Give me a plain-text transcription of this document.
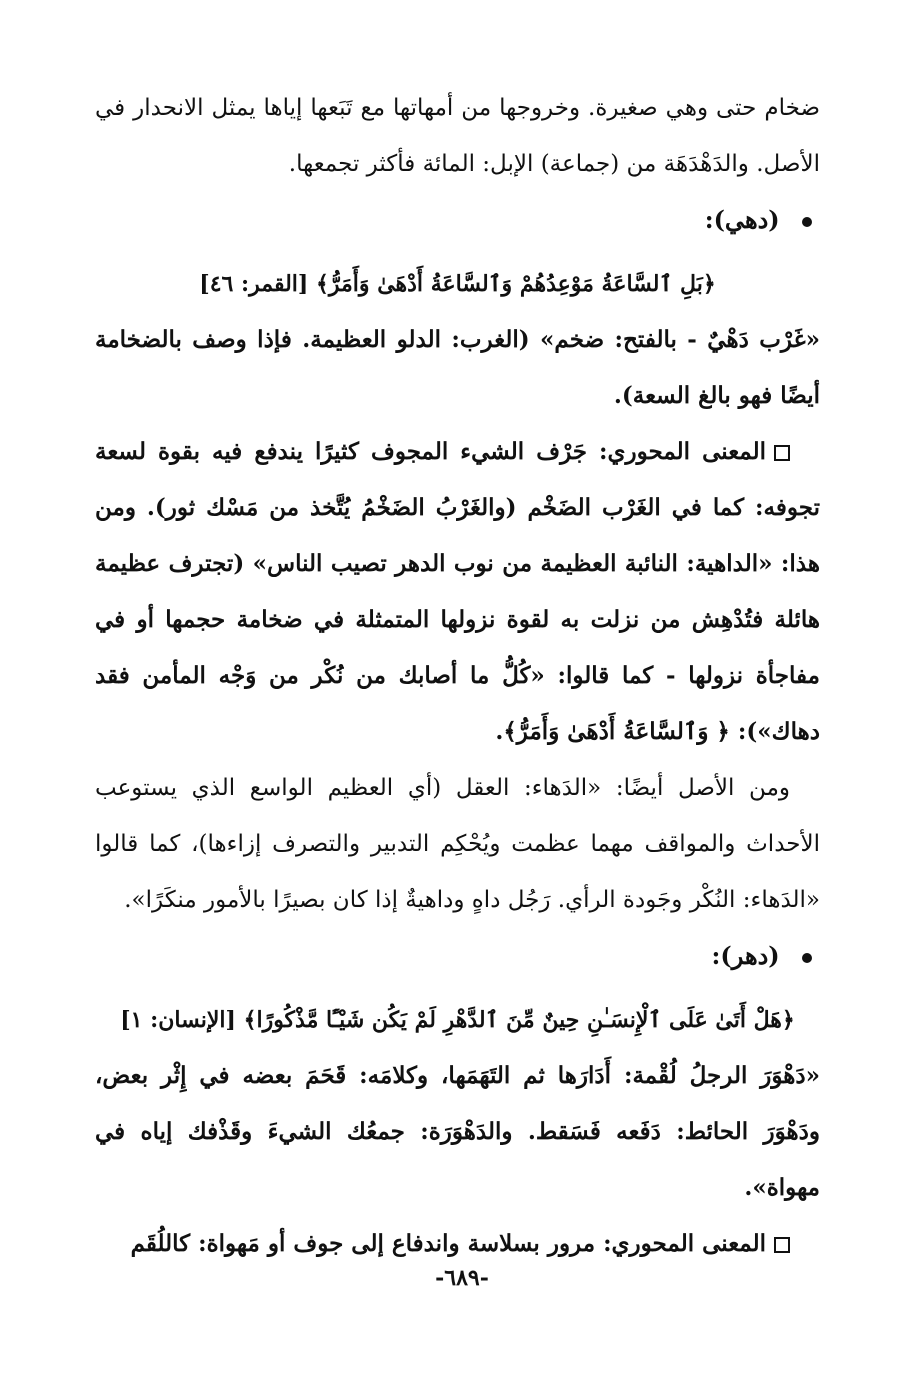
ضخام حتى وهي صغيرة. وخروجها من أمهاتها مع تَبَعها إياها يمثل الانحدار في الأصل. والدَهْدَهَة من (جماعة) الإبل: المائة فأكثر تجمعها.

(دهي):

﴿بَلِ ٱلسَّاعَةُ مَوْعِدُهُمْ وَٱلسَّاعَةُ أَدْهَىٰ وَأَمَرُّ﴾ [القمر: ٤٦]

«غَرْب دَهْيٌ - بالفتح: ضخم» (الغرب: الدلو العظيمة. فإذا وصف بالضخامة أيضًا فهو بالغ السعة).

المعنى المحوري: جَرْف الشيء المجوف كثيرًا يندفع فيه بقوة لسعة تجوفه: كما في الغَرْب الضَخْم (والغَرْبُ الضَخْمُ يُتَّخذ من مَسْك ثور). ومن هذا: «الداهية: النائبة العظيمة من نوب الدهر تصيب الناس» (تجترف عظيمة هائلة فتُدْهِش من نزلت به لقوة نزولها المتمثلة في ضخامة حجمها أو في مفاجأة نزولها - كما قالوا: «كُلُّ ما أصابك من نُكْر من وَجْه المأمن فقد دهاك»): ﴿ وَٱلسَّاعَةُ أَدْهَىٰ وَأَمَرُّ﴾.

ومن الأصل أيضًا: «الدَهاء: العقل (أي العظيم الواسع الذي يستوعب الأحداث والمواقف مهما عظمت ويُحْكِم التدبير والتصرف إزاءها)، كما قالوا «الدَهاء: النُكْر وجَودة الرأي. رَجُل داهٍ وداهيةٌ إذا كان بصيرًا بالأمور منكَرًا».

(دهر):

﴿هَلْ أَتَىٰ عَلَى ٱلْإِنسَـٰنِ حِينٌ مِّنَ ٱلدَّهْرِ لَمْ يَكُن شَيْـًٔا مَّذْكُورًا﴾ [الإنسان: ١]

«دَهْوَرَ الرجلُ لُقْمة: أَدَارَها ثم التَهَمَها، وكلامَه: قَحَمَ بعضه في إِثْر بعض، ودَهْوَرَ الحائط: دَفَعه فَسَقط. والدَهْوَرَة: جمعُك الشيءَ وقَذْفك إياه في مهواة».

المعنى المحوري: مرور بسلاسة واندفاع إلى جوف أو مَهواة: كاللُقَم

-٦٨٩-
